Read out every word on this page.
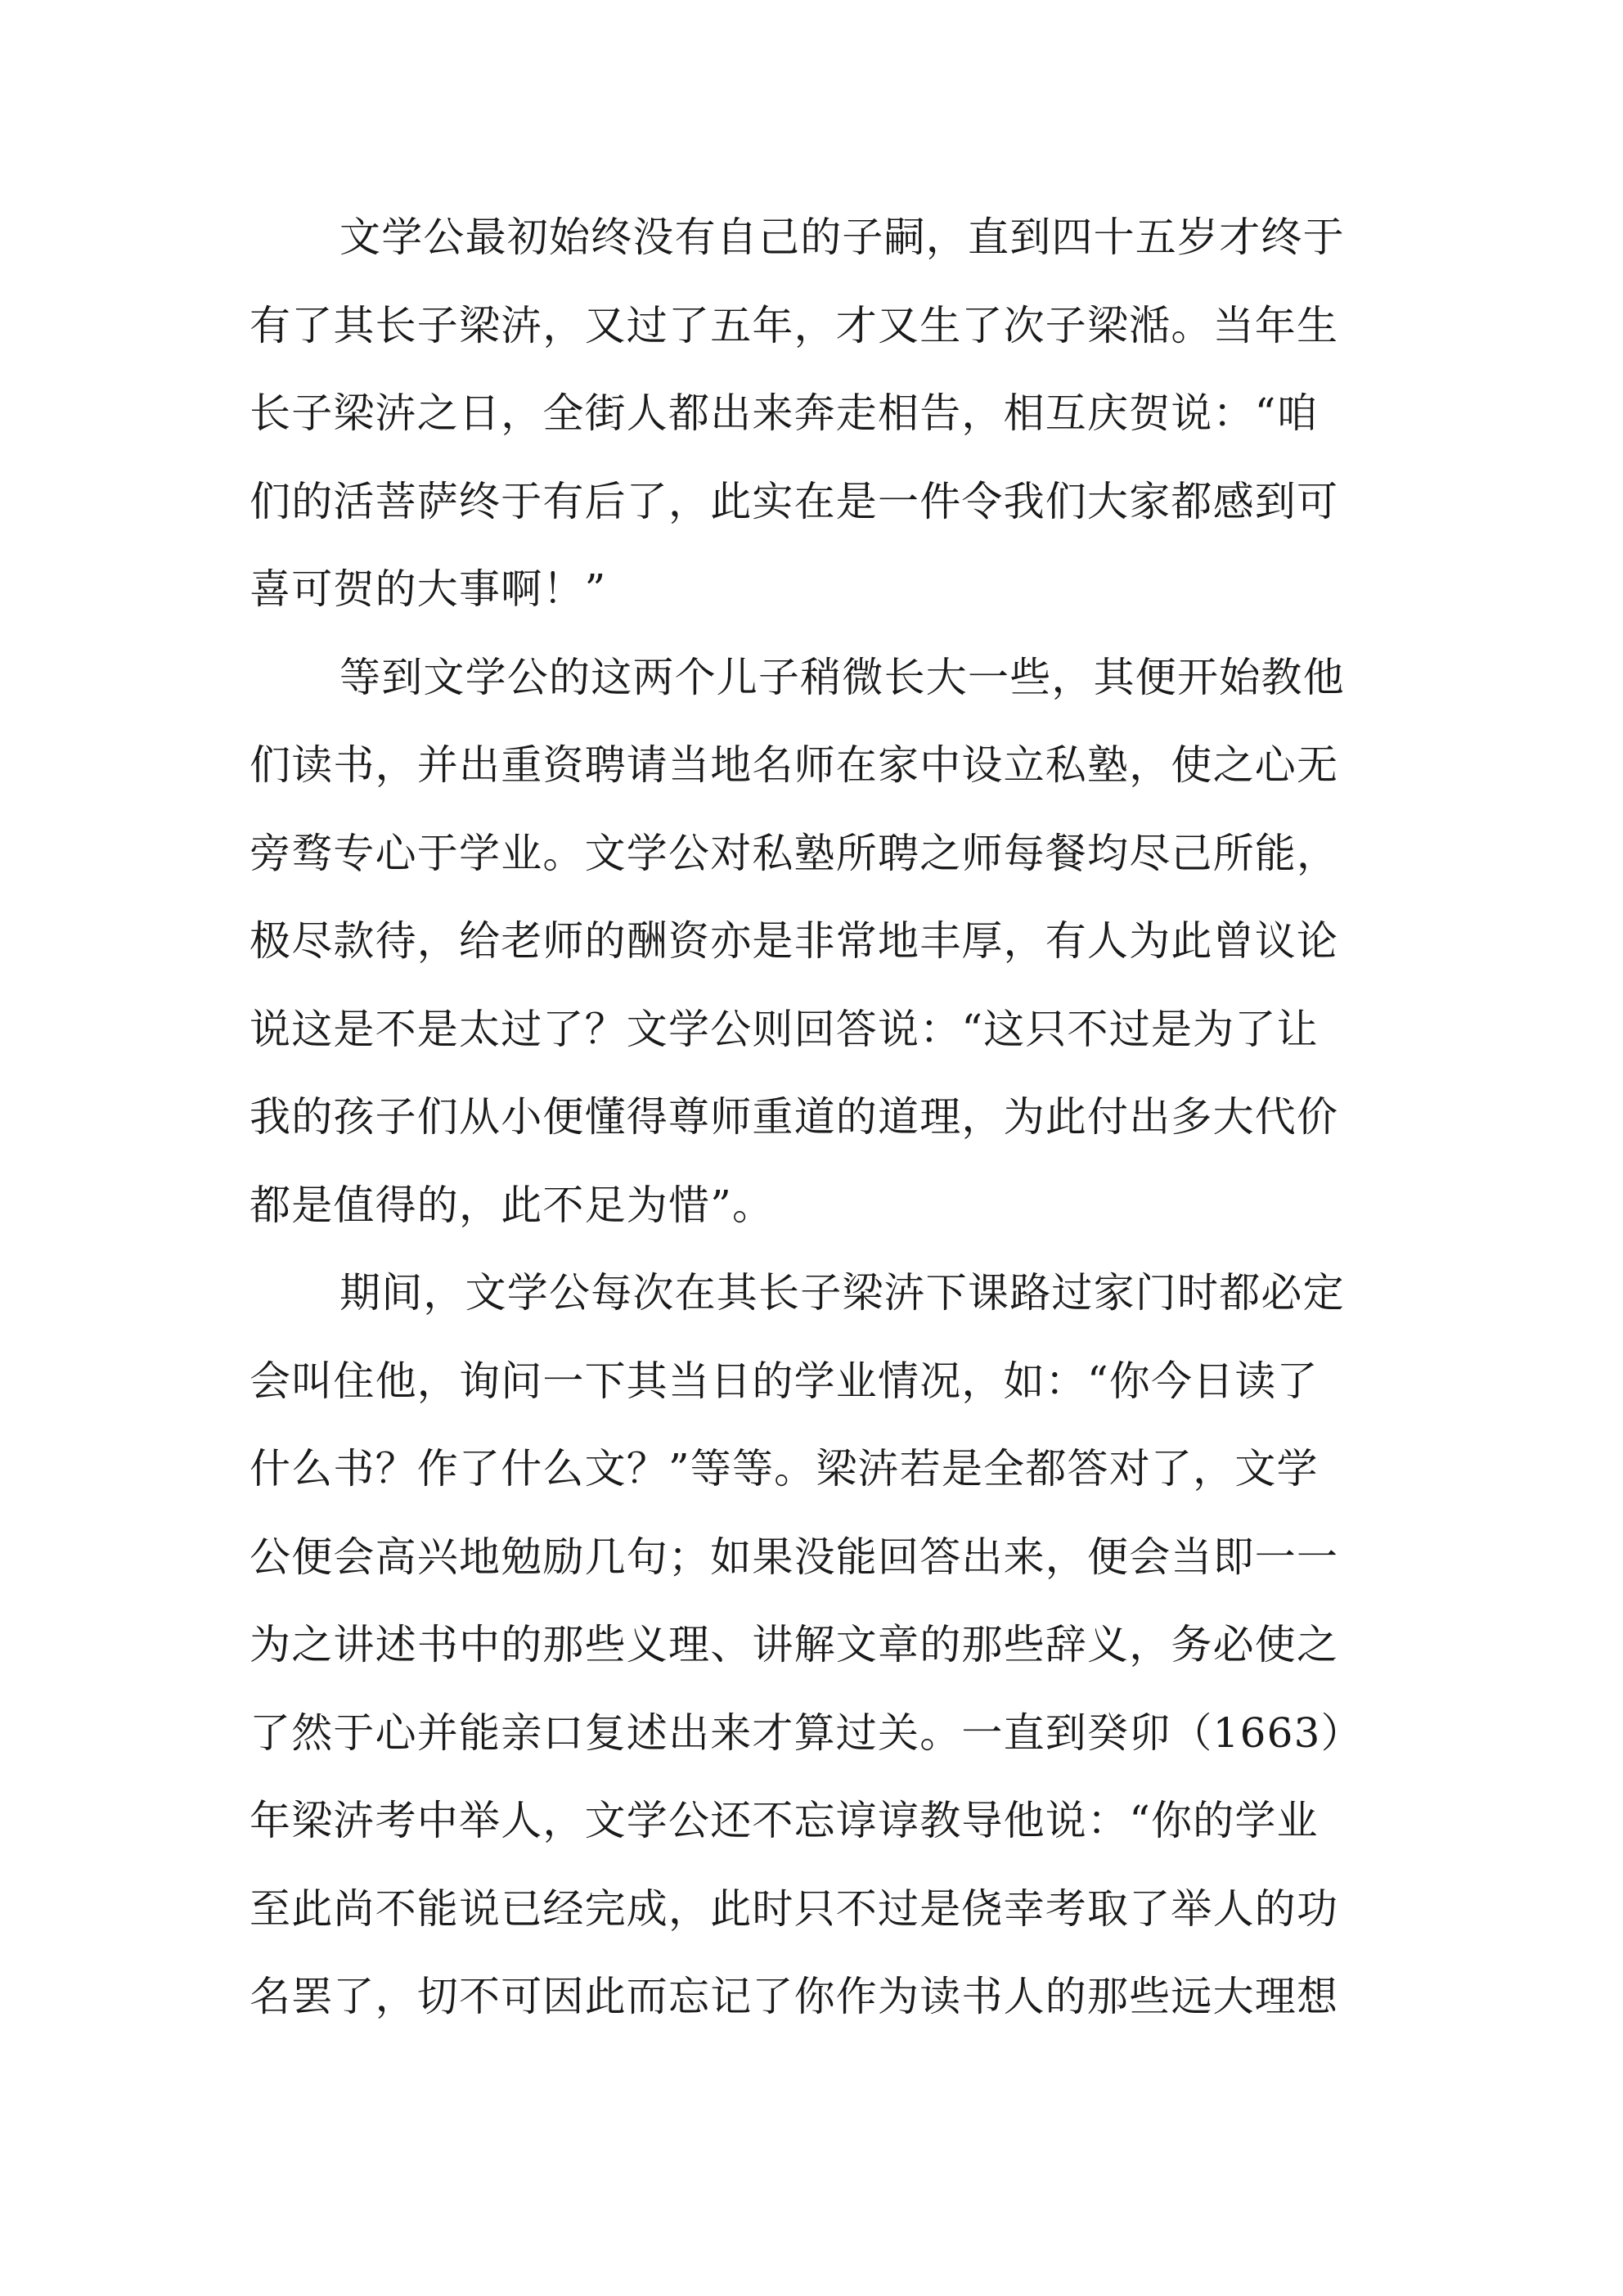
文学公最初始终没有自己的子嗣，直到四十五岁才终于
有了其长子梁泋，又过了五年，才又生了次子梁湉。当年生
长子梁泋之日，全街人都出来奔走相告，相互庆贺说：“咱
们的活菩萨终于有后了，此实在是一件令我们大家都感到可
喜可贺的大事啊！”
等到文学公的这两个儿子稍微长大一些，其便开始教他
们读书，并出重资聘请当地名师在家中设立私塾，使之心无
旁骛专心于学业。文学公对私塾所聘之师每餐均尽己所能，
极尽款待，给老师的酬资亦是非常地丰厚，有人为此曾议论
说这是不是太过了？文学公则回答说：“这只不过是为了让
我的孩子们从小便懂得尊师重道的道理，为此付出多大代价
都是值得的，此不足为惜”。
期间，文学公每次在其长子梁泋下课路过家门时都必定
会叫住他，询问一下其当日的学业情况，如：“你今日读了
什么书？作了什么文？”等等。梁泋若是全都答对了，文学
公便会高兴地勉励几句；如果没能回答出来，便会当即一一
为之讲述书中的那些义理、讲解文章的那些辞义，务必使之
了然于心并能亲口复述出来才算过关。一直到癸卯（1663）
年梁泋考中举人，文学公还不忘谆谆教导他说：“你的学业
至此尚不能说已经完成，此时只不过是侥幸考取了举人的功
名罢了，切不可因此而忘记了你作为读书人的那些远大理想
